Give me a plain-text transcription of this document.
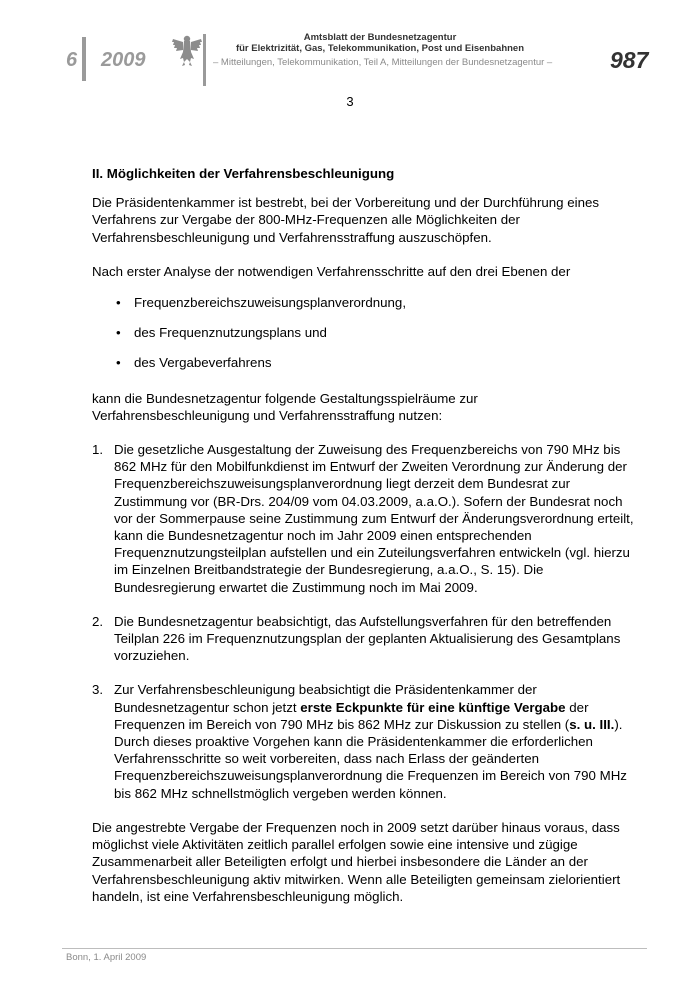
6 2009
Amtsblatt der Bundesnetzagentur
für Elektrizität, Gas, Telekommunikation, Post und Eisenbahnen
– Mitteilungen, Telekommunikation, Teil A, Mitteilungen der Bundesnetzagentur –	987
3

II. Möglichkeiten der Verfahrensbeschleunigung

Die Präsidentenkammer ist bestrebt, bei der Vorbereitung und der Durchführung eines Verfahrens zur Vergabe der 800-MHz-Frequenzen alle Möglichkeiten der Verfahrensbeschleunigung und Verfahrensstraffung auszuschöpfen.

Nach erster Analyse der notwendigen Verfahrensschritte auf den drei Ebenen der

• Frequenzbereichszuweisungsplanverordnung,
• des Frequenznutzungsplans und
• des Vergabeverfahrens

kann die Bundesnetzagentur folgende Gestaltungsspielräume zur Verfahrensbeschleunigung und Verfahrensstraffung nutzen:

1. Die gesetzliche Ausgestaltung der Zuweisung des Frequenzbereichs von 790 MHz bis 862 MHz für den Mobilfunkdienst im Entwurf der Zweiten Verordnung zur Änderung der Frequenzbereichszuweisungsplanverordnung liegt derzeit dem Bundesrat zur Zustimmung vor (BR-Drs. 204/09 vom 04.03.2009, a.a.O.). Sofern der Bundesrat noch vor der Sommerpause seine Zustimmung zum Entwurf der Änderungsverordnung erteilt, kann die Bundesnetzagentur noch im Jahr 2009 einen entsprechenden Frequenznutzungsteilplan aufstellen und ein Zuteilungsverfahren entwickeln (vgl. hierzu im Einzelnen Breitbandstrategie der Bundesregierung, a.a.O., S. 15). Die Bundesregierung erwartet die Zustimmung noch im Mai 2009.
2. Die Bundesnetzagentur beabsichtigt, das Aufstellungsverfahren für den betreffenden Teilplan 226 im Frequenznutzungsplan der geplanten Aktualisierung des Gesamtplans vorzuziehen.
3. Zur Verfahrensbeschleunigung beabsichtigt die Präsidentenkammer der Bundesnetzagentur schon jetzt erste Eckpunkte für eine künftige Vergabe der Frequenzen im Bereich von 790 MHz bis 862 MHz zur Diskussion zu stellen (s. u. III.). Durch dieses proaktive Vorgehen kann die Präsidentenkammer die erforderlichen Verfahrensschritte so weit vorbereiten, dass nach Erlass der geänderten Frequenzbereichszuweisungsplanverordnung die Frequenzen im Bereich von 790 MHz bis 862 MHz schnellstmöglich vergeben werden können.

Die angestrebte Vergabe der Frequenzen noch in 2009 setzt darüber hinaus voraus, dass möglichst viele Aktivitäten zeitlich parallel erfolgen sowie eine intensive und zügige Zusammenarbeit aller Beteiligten erfolgt und hierbei insbesondere die Länder an der Verfahrensbeschleunigung aktiv mitwirken. Wenn alle Beteiligten gemeinsam zielorientiert handeln, ist eine Verfahrensbeschleunigung möglich.

Bonn, 1. April 2009
